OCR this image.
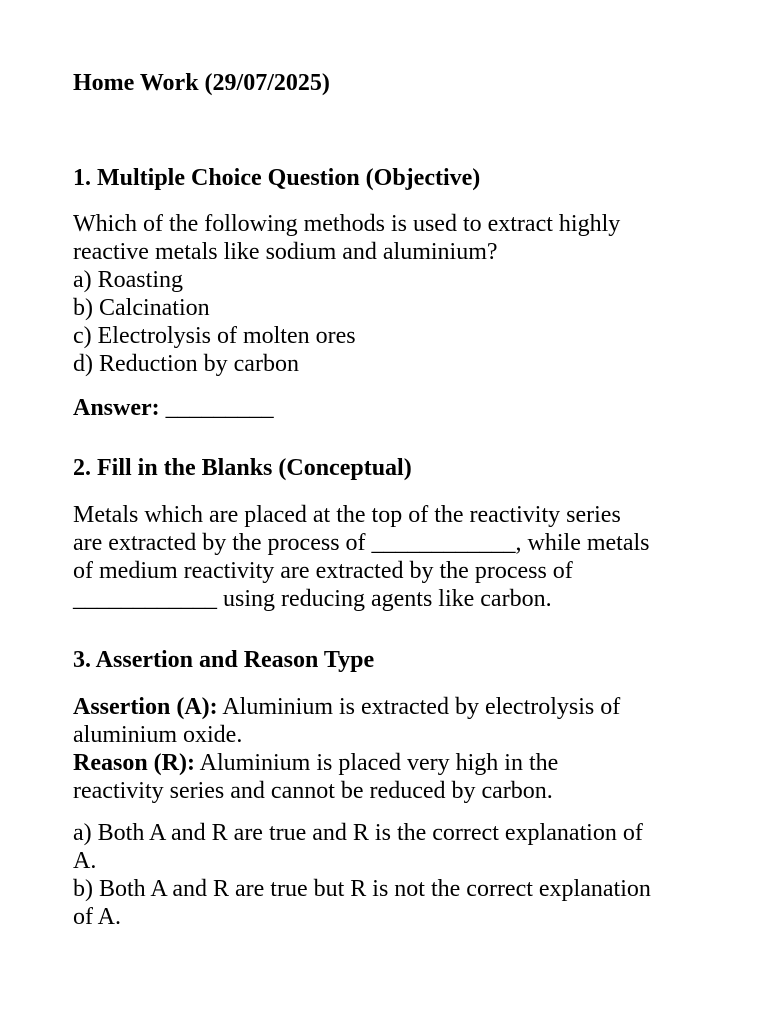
Home Work (29/07/2025)
1. Multiple Choice Question (Objective)
Which of the following methods is used to extract highly
reactive metals like sodium and aluminium?
a) Roasting
b) Calcination
c) Electrolysis of molten ores
d) Reduction by carbon
Answer: _________
2. Fill in the Blanks (Conceptual)
Metals which are placed at the top of the reactivity series
are extracted by the process of ____________, while metals
of medium reactivity are extracted by the process of
____________ using reducing agents like carbon.
3. Assertion and Reason Type
Assertion (A): Aluminium is extracted by electrolysis of
aluminium oxide.
Reason (R): Aluminium is placed very high in the
reactivity series and cannot be reduced by carbon.
a) Both A and R are true and R is the correct explanation of
A.
b) Both A and R are true but R is not the correct explanation
of A.
